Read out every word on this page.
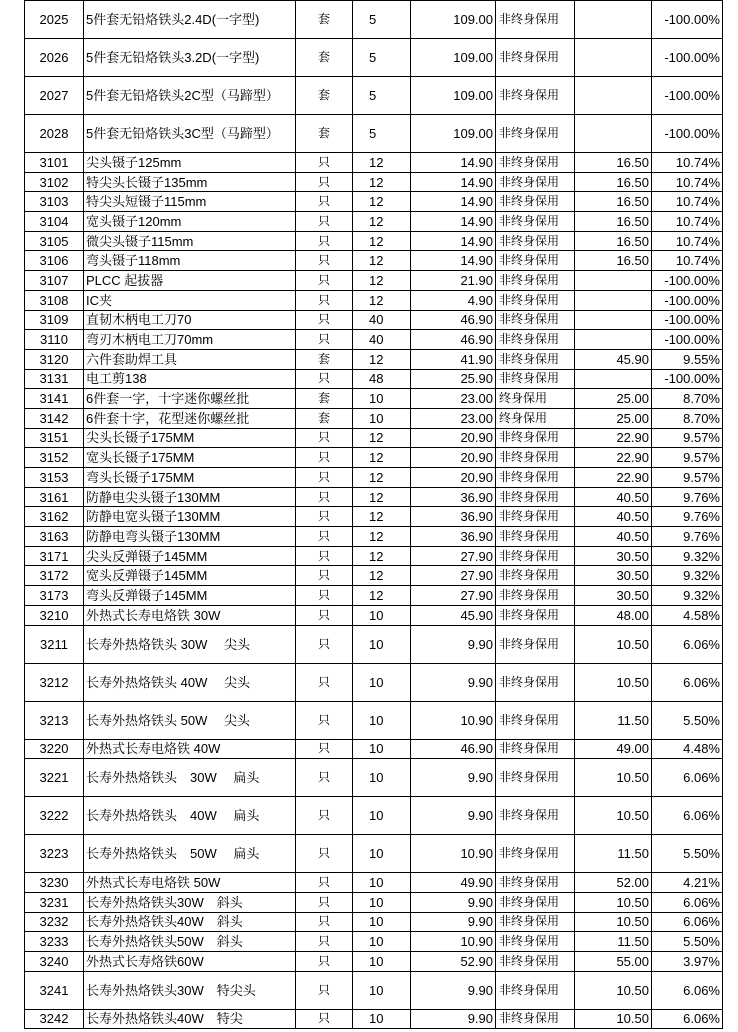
2025	5件套无铅烙铁头2.4D(一字型)	套	5	109.00	非终身保用		-100.00%
2026	5件套无铅烙铁头3.2D(一字型)	套	5	109.00	非终身保用		-100.00%
2027	5件套无铅烙铁头2C型（马蹄型）	套	5	109.00	非终身保用		-100.00%
2028	5件套无铅烙铁头3C型（马蹄型）	套	5	109.00	非终身保用		-100.00%
3101	尖头镊子125mm	只	12	14.90	非终身保用	16.50	10.74%
3102	特尖头长镊子135mm	只	12	14.90	非终身保用	16.50	10.74%
3103	特尖头短镊子115mm	只	12	14.90	非终身保用	16.50	10.74%
3104	宽头镊子120mm	只	12	14.90	非终身保用	16.50	10.74%
3105	微尖头镊子115mm	只	12	14.90	非终身保用	16.50	10.74%
3106	弯头镊子118mm	只	12	14.90	非终身保用	16.50	10.74%
3107	PLCC 起拔器	只	12	21.90	非终身保用		-100.00%
3108	IC夹	只	12	4.90	非终身保用		-100.00%
3109	直韧木柄电工刀70	只	40	46.90	非终身保用		-100.00%
3110	弯刃木柄电工刀70mm	只	40	46.90	非终身保用		-100.00%
3120	六件套助焊工具	套	12	41.90	非终身保用	45.90	9.55%
3131	电工剪138	只	48	25.90	非终身保用		-100.00%
3141	6件套一字，十字迷你螺丝批	套	10	23.00	终身保用	25.00	8.70%
3142	6件套十字，花型迷你螺丝批	套	10	23.00	终身保用	25.00	8.70%
3151	尖头长镊子175MM	只	12	20.90	非终身保用	22.90	9.57%
3152	宽头长镊子175MM	只	12	20.90	非终身保用	22.90	9.57%
3153	弯头长镊子175MM	只	12	20.90	非终身保用	22.90	9.57%
3161	防静电尖头镊子130MM	只	12	36.90	非终身保用	40.50	9.76%
3162	防静电宽头镊子130MM	只	12	36.90	非终身保用	40.50	9.76%
3163	防静电弯头镊子130MM	只	12	36.90	非终身保用	40.50	9.76%
3171	尖头反弹镊子145MM	只	12	27.90	非终身保用	30.50	9.32%
3172	宽头反弹镊子145MM	只	12	27.90	非终身保用	30.50	9.32%
3173	弯头反弹镊子145MM	只	12	27.90	非终身保用	30.50	9.32%
3210	外热式长寿电烙铁 30W	只	10	45.90	非终身保用	48.00	4.58%
3211	长寿外热烙铁头 30W　 尖头	只	10	9.90	非终身保用	10.50	6.06%
3212	长寿外热烙铁头 40W　 尖头	只	10	9.90	非终身保用	10.50	6.06%
3213	长寿外热烙铁头 50W　 尖头	只	10	10.90	非终身保用	11.50	5.50%
3220	外热式长寿电烙铁 40W	只	10	46.90	非终身保用	49.00	4.48%
3221	长寿外热烙铁头　30W　 扁头	只	10	9.90	非终身保用	10.50	6.06%
3222	长寿外热烙铁头　40W　 扁头	只	10	9.90	非终身保用	10.50	6.06%
3223	长寿外热烙铁头　50W　 扁头	只	10	10.90	非终身保用	11.50	5.50%
3230	外热式长寿电烙铁 50W	只	10	49.90	非终身保用	52.00	4.21%
3231	长寿外热烙铁头30W　斜头	只	10	9.90	非终身保用	10.50	6.06%
3232	长寿外热烙铁头40W　斜头	只	10	9.90	非终身保用	10.50	6.06%
3233	长寿外热烙铁头50W　斜头	只	10	10.90	非终身保用	11.50	5.50%
3240	外热式长寿烙铁60W	只	10	52.90	非终身保用	55.00	3.97%
3241	长寿外热烙铁头30W　特尖头	只	10	9.90	非终身保用	10.50	6.06%
3242	长寿外热烙铁头40W　特尖	只	10	9.90	非终身保用	10.50	6.06%
